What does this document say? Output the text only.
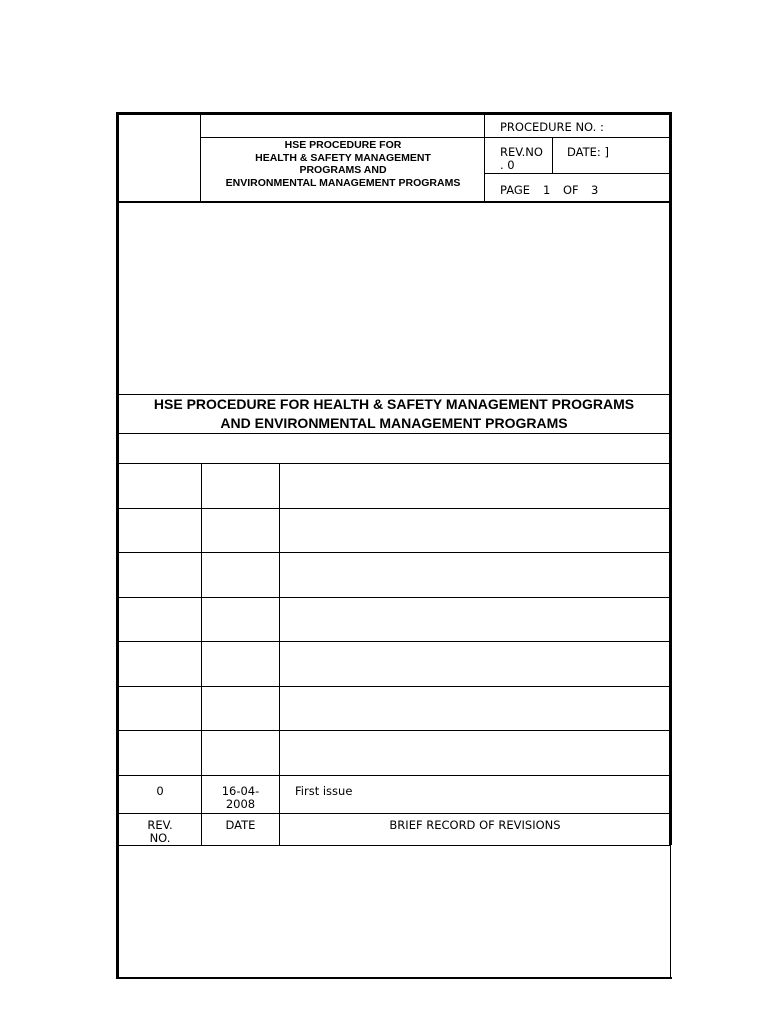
HSE PROCEDURE FOR
HEALTH & SAFETY MANAGEMENT
PROGRAMS AND
ENVIRONMENTAL MANAGEMENT PROGRAMS
PROCEDURE NO. :
REV.NO
. 0
DATE: ]
PAGE 1 OF 3
HSE PROCEDURE FOR HEALTH & SAFETY MANAGEMENT PROGRAMS
AND ENVIRONMENTAL MANAGEMENT PROGRAMS
0	16-04-
2008
First issue
REV.
NO.
DATE	BRIEF RECORD OF REVISIONS
